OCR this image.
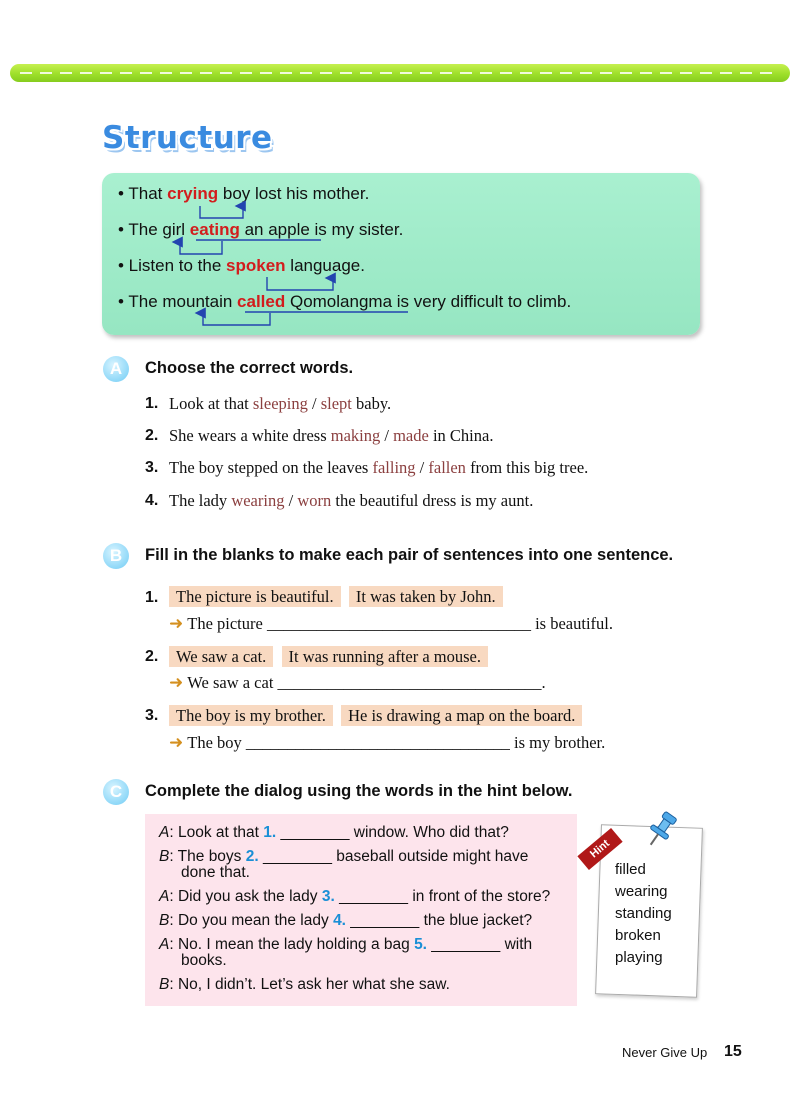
Structure
• That crying boy lost his mother.
• The girl eating an apple is my sister.
• Listen to the spoken language.
• The mountain called Qomolangma is very difficult to climb.
A	Choose the correct words.
1. Look at that sleeping / slept baby.
2. She wears a white dress making / made in China.
3. The boy stepped on the leaves falling / fallen from this big tree.
4. The lady wearing / worn the beautiful dress is my aunt.
B	Fill in the blanks to make each pair of sentences into one sentence.
1.	The picture is beautiful. It was taken by John.
➜ The picture ________________________________ is beautiful.
2.	We saw a cat. It was running after a mouse.
➜ We saw a cat ________________________________.
3.	The boy is my brother. He is drawing a map on the board.
➜ The boy ________________________________ is my brother.
C	Complete the dialog using the words in the hint below.
A: Look at that 1. ________ window. Who did that?
B: The boys 2. ________ baseball outside might have
done that.
A: Did you ask the lady 3. ________ in front of the store?
B: Do you mean the lady 4. ________ the blue jacket?
A: No. I mean the lady holding a bag 5. ________ with
books.
B: No, I didn’t. Let’s ask her what she saw.
Hint
filled
wearing
standing
broken
playing
Never Give Up 15
